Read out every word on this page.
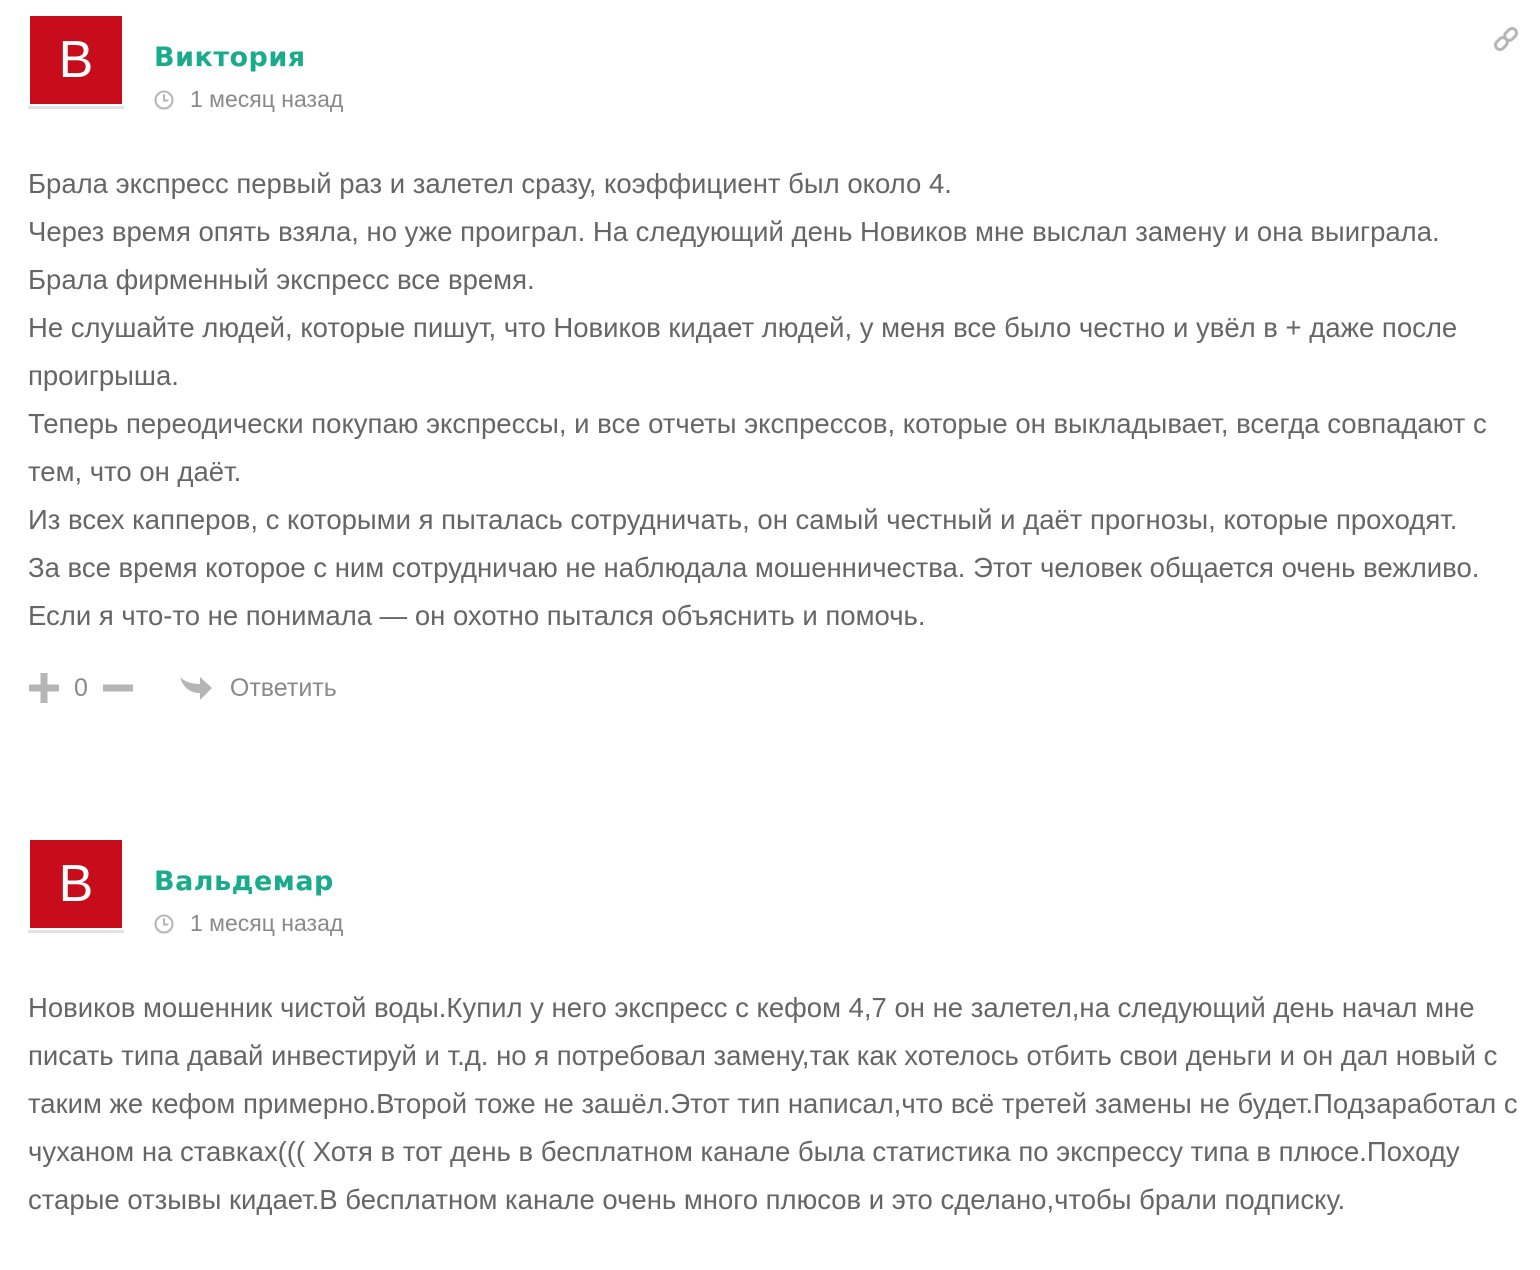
B	Виктория
1 месяц назад

Брала экспресс первый раз и залетел сразу, коэффициент был около 4.

Через время опять взяла, но уже проиграл. На следующий день Новиков мне выслал замену и она выиграла. Брала фирменный экспресс все время.

Не слушайте людей, которые пишут, что Новиков кидает людей, у меня все было честно и увёл в + даже после проигрыша.

Теперь переодически покупаю экспрессы, и все отчеты экспрессов, которые он выкладывает, всегда совпадают с тем, что он даёт.

Из всех капперов, с которыми я пыталась сотрудничать, он самый честный и даёт прогнозы, которые проходят.

За все время которое с ним сотрудничаю не наблюдала мошенничества. Этот человек общается очень вежливо. Если я что-то не понимала — он охотно пытался объяснить и помочь.

0	Ответить
B	Вальдемар
1 месяц назад

Новиков мошенник чистой воды.Купил у него экспресс с кефом 4,7 он не залетел,на следующий день начал мне писать типа давай инвестируй и т.д. но я потребовал замену,так как хотелось отбить свои деньги и он дал новый с таким же кефом примерно.Второй тоже не зашёл.Этот тип написал,что всё третей замены не будет.Подзаработал с чуханом на ставках((( Хотя в тот день в бесплатном канале была статистика по экспрессу типа в плюсе.Походу старые отзывы кидает.В бесплатном канале очень много плюсов и это сделано,чтобы брали подписку.
